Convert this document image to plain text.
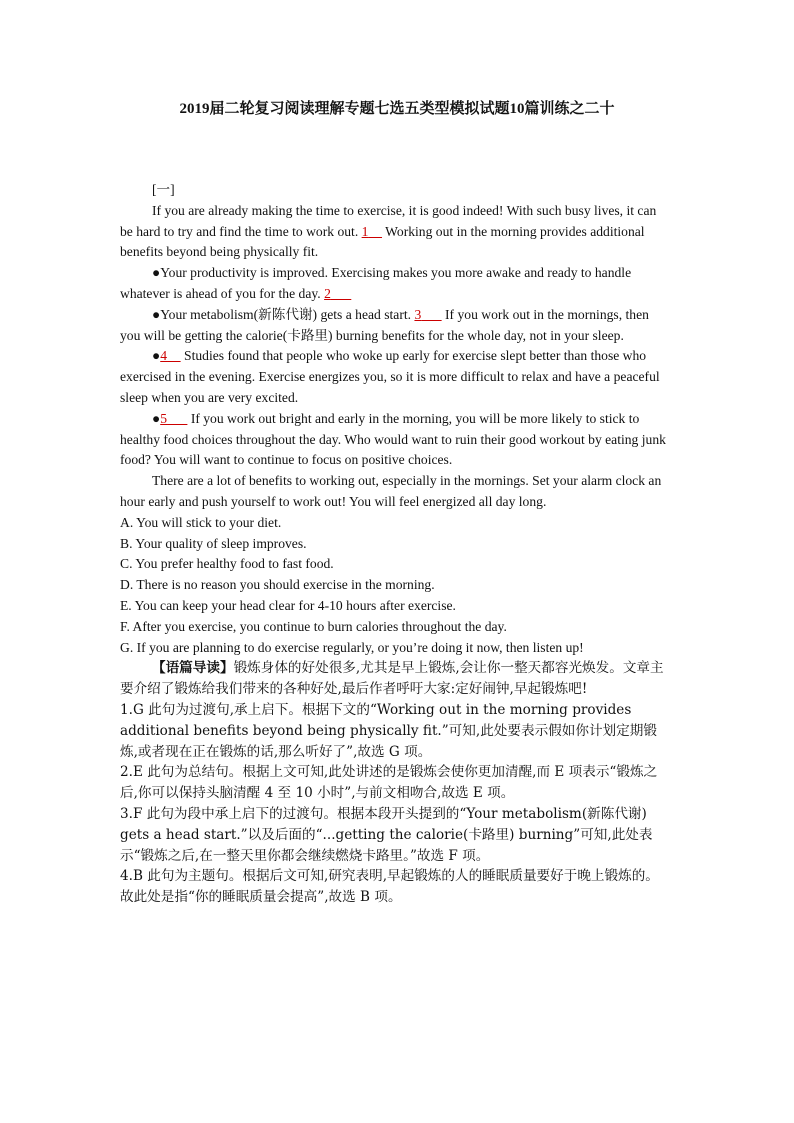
2019届二轮复习阅读理解专题七选五类型模拟试题10篇训练之二十

[一]

If you are already making the time to exercise, it is good indeed! With such busy lives, it can be hard to try and find the time to work out. 1 Working out in the morning provides additional benefits beyond being physically fit.

●Your productivity is improved. Exercising makes you more awake and ready to handle whatever is ahead of you for the day. 2

●Your metabolism(新陈代谢) gets a head start. 3 If you work out in the mornings, then you will be getting the calorie(卡路里) burning benefits for the whole day, not in your sleep.

●4 Studies found that people who woke up early for exercise slept better than those who exercised in the evening. Exercise energizes you, so it is more difficult to relax and have a peaceful sleep when you are very excited.

●5 If you work out bright and early in the morning, you will be more likely to stick to healthy food choices throughout the day. Who would want to ruin their good workout by eating junk food? You will want to continue to focus on positive choices.

There are a lot of benefits to working out, especially in the mornings. Set your alarm clock an hour early and push yourself to work out! You will feel energized all day long.

A. You will stick to your diet.

B. Your quality of sleep improves.

C. You prefer healthy food to fast food.

D. There is no reason you should exercise in the morning.

E. You can keep your head clear for 4-10 hours after exercise.

F. After you exercise, you continue to burn calories throughout the day.

G. If you are planning to do exercise regularly, or you’re doing it now, then listen up!

【语篇导读】锻炼身体的好处很多,尤其是早上锻炼,会让你一整天都容光焕发。文章主要介绍了锻炼给我们带来的各种好处,最后作者呼吁大家:定好闹钟,早起锻炼吧!

1.G 此句为过渡句,承上启下。根据下文的“Working out in the morning provides additional benefits beyond being physically fit.”可知,此处要表示假如你计划定期锻炼,或者现在正在锻炼的话,那么听好了”,故选 G 项。

2.E 此句为总结句。根据上文可知,此处讲述的是锻炼会使你更加清醒,而 E 项表示“锻炼之后,你可以保持头脑清醒 4 至 10 小时”,与前文相吻合,故选 E 项。

3.F 此句为段中承上启下的过渡句。根据本段开头提到的“Your metabolism(新陈代谢) gets a head start.”以及后面的“...getting the calorie(卡路里) burning”可知,此处表示“锻炼之后,在一整天里你都会继续燃烧卡路里。”故选 F 项。

4.B 此句为主题句。根据后文可知,研究表明,早起锻炼的人的睡眠质量要好于晚上锻炼的。故此处是指“你的睡眠质量会提高”,故选 B 项。
